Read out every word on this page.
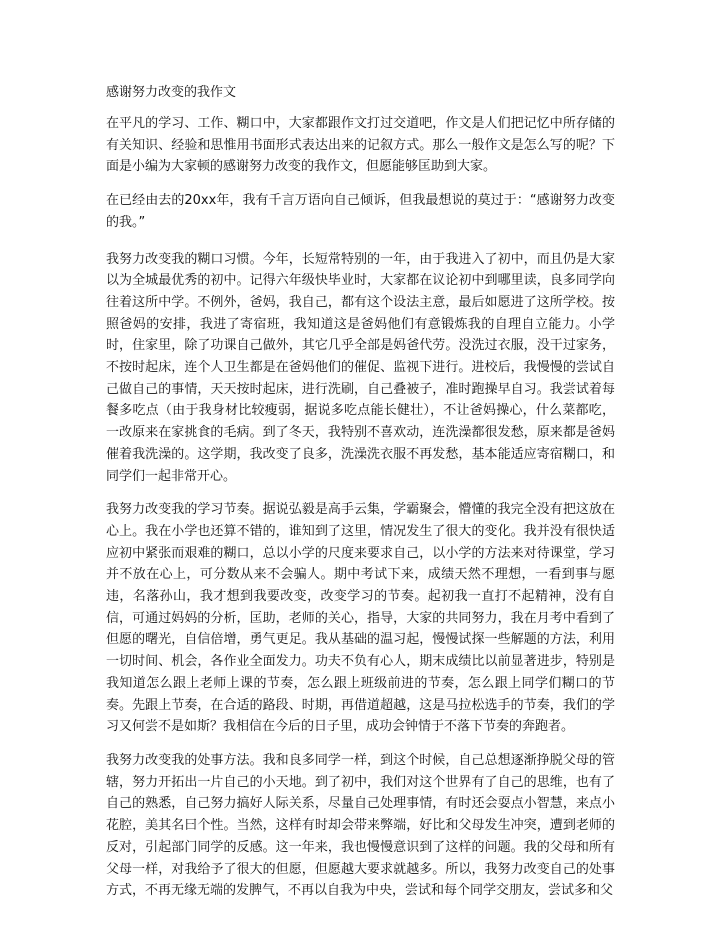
感谢努力改变的我作文

在平凡的学习、工作、糊口中，大家都跟作文打过交道吧，作文是人们把记忆中所存储的有关知识、经验和思惟用书面形式表达出来的记叙方式。那么一般作文是怎么写的呢？下面是小编为大家顿的感谢努力改变的我作文，但愿能够匡助到大家。

在已经由去的20xx年，我有千言万语向自己倾诉，但我最想说的莫过于：“感谢努力改变的我。”

我努力改变我的糊口习惯。今年，长短常特别的一年，由于我进入了初中，而且仍是大家以为全城最优秀的初中。记得六年级快毕业时，大家都在议论初中到哪里读，良多同学向往着这所中学。不例外，爸妈，我自己，都有这个设法主意，最后如愿进了这所学校。按照爸妈的安排，我进了寄宿班，我知道这是爸妈他们有意锻炼我的自理自立能力。小学时，住家里，除了功课自己做外，其它几乎全部是妈爸代劳。没洗过衣服，没干过家务，不按时起床，连个人卫生都是在爸妈他们的催促、监视下进行。进校后，我慢慢的尝试自己做自己的事情，天天按时起床，进行洗刷，自己叠被子，准时跑操早自习。我尝试着每餐多吃点（由于我身材比较瘦弱，据说多吃点能长健壮），不让爸妈操心，什么菜都吃，一改原来在家挑食的毛病。到了冬天，我特别不喜欢动，连洗澡都很发愁，原来都是爸妈催着我洗澡的。这学期，我改变了良多，洗澡洗衣服不再发愁，基本能适应寄宿糊口，和同学们一起非常开心。

我努力改变我的学习节奏。据说弘毅是高手云集，学霸聚会，懵懂的我完全没有把这放在心上。我在小学也还算不错的，谁知到了这里，情况发生了很大的变化。我并没有很快适应初中紧张而艰难的糊口，总以小学的尺度来要求自己，以小学的方法来对待课堂，学习并不放在心上，可分数从来不会骗人。期中考试下来，成绩天然不理想，一看到事与愿违，名落孙山，我才想到我要改变，改变学习的节奏。起初我一直打不起精神，没有自信，可通过妈妈的分析，匡助，老师的关心，指导，大家的共同努力，我在月考中看到了但愿的曙光，自信倍增，勇气更足。我从基础的温习起，慢慢试探一些解题的方法，利用一切时间、机会，各作业全面发力。功夫不负有心人，期末成绩比以前显著进步，特别是我知道怎么跟上老师上课的节奏，怎么跟上班级前进的节奏，怎么跟上同学们糊口的节奏。先跟上节奏，在合适的路段、时期，再借道超越，这是马拉松选手的节奏，我们的学习又何尝不是如斯？我相信在今后的日子里，成功会钟情于不落下节奏的奔跑者。

我努力改变我的处事方法。我和良多同学一样，到这个时候，自己总想逐渐挣脱父母的管辖，努力开拓出一片自己的小天地。到了初中，我们对这个世界有了自己的思维，也有了自己的熟悉，自己努力搞好人际关系，尽量自己处理事情，有时还会耍点小智慧，来点小花腔，美其名曰个性。当然，这样有时却会带来弊端，好比和父母发生冲突，遭到老师的反对，引起部门同学的反感。这一年来，我也慢慢意识到了这样的问题。我的父母和所有父母一样，对我给予了很大的但愿，但愿越大要求就越多。所以，我努力改变自己的处事方式，不再无缘无端的发脾气，不再以自我为中央，尝试和每个同学交朋友，尝试多和父
